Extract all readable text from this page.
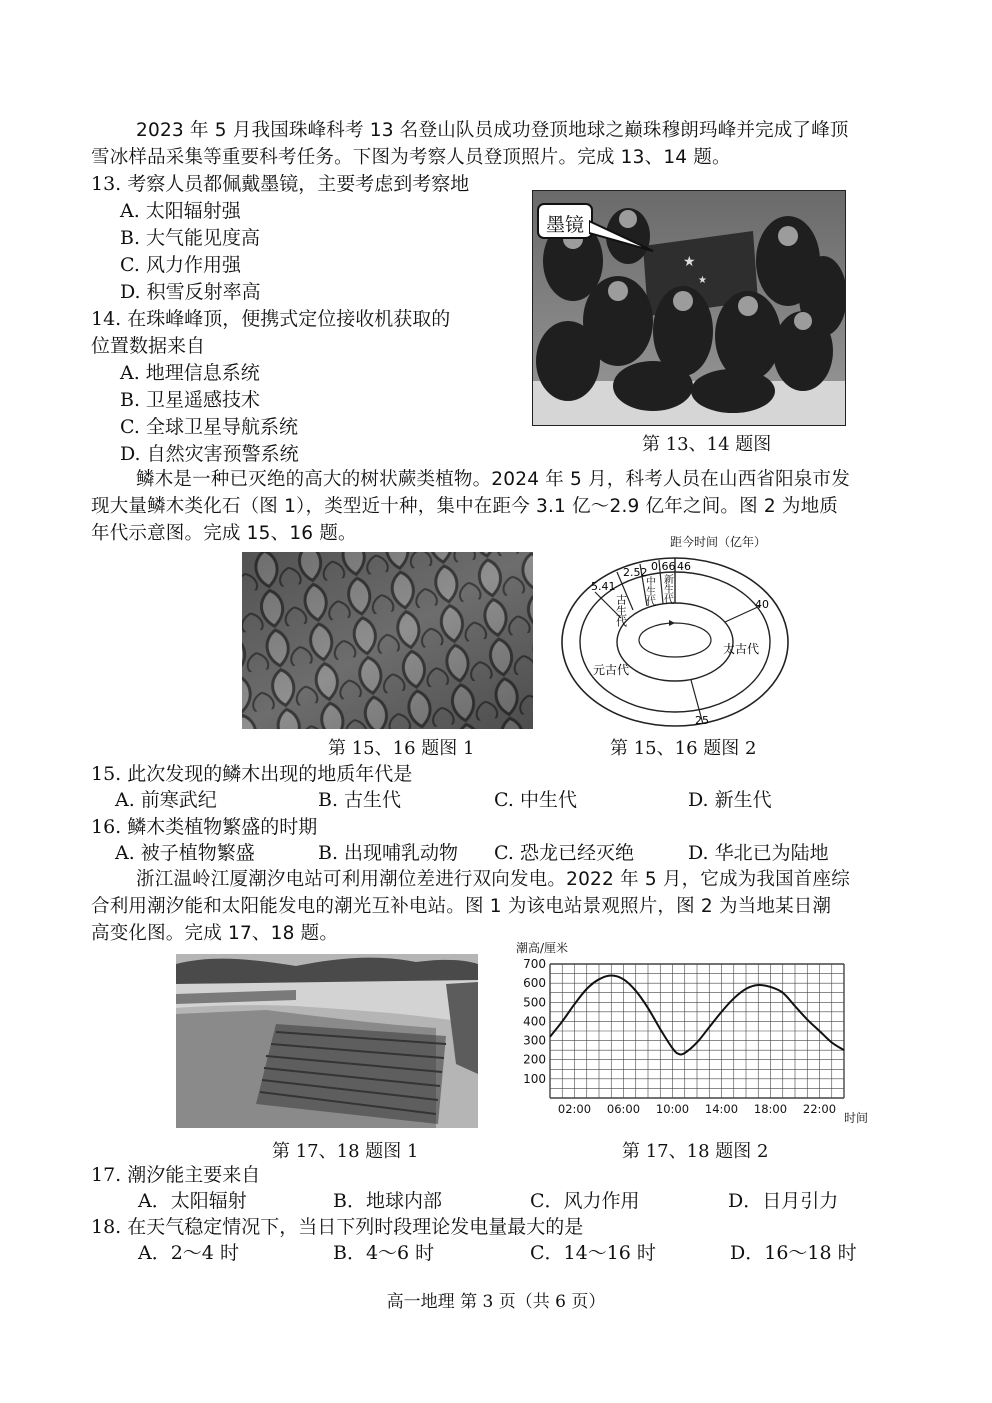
2023 年 5 月我国珠峰科考 13 名登山队员成功登顶地球之巅珠穆朗玛峰并完成了峰顶
雪冰样品采集等重要科考任务。下图为考察人员登顶照片。完成 13、14 题。
13. 考察人员都佩戴墨镜，主要考虑到考察地
A. 太阳辐射强
B. 大气能见度高
C. 风力作用强
D. 积雪反射率高
14. 在珠峰峰顶，便携式定位接收机获取的
位置数据来自
A. 地理信息系统
B. 卫星遥感技术
C. 全球卫星导航系统
D. 自然灾害预警系统
★
★
墨镜
第 13、14 题图
鳞木是一种已灭绝的高大的树状蕨类植物。2024 年 5 月，科考人员在山西省阳泉市发
现大量鳞木类化石（图 1），类型近十种，集中在距今 3.1 亿～2.9 亿年之间。图 2 为地质
年代示意图。完成 15、16 题。
第 15、16 题图 1
距今时间（亿年）
46
0.66
2.52
5.41
40
25
古生代
中生代 新生代
太古代
元古代
第 15、16 题图 2
15. 此次发现的鳞木出现的地质年代是
A. 前寒武纪	B. 古生代	C. 中生代	D. 新生代
16. 鳞木类植物繁盛的时期
A. 被子植物繁盛	B. 出现哺乳动物 C. 恐龙已经灭绝	D. 华北已为陆地
浙江温岭江厦潮汐电站可利用潮位差进行双向发电。2022 年 5 月，它成为我国首座综
合利用潮汐能和太阳能发电的潮光互补电站。图 1 为该电站景观照片，图 2 为当地某日潮
高变化图。完成 17、18 题。
第 17、18 题图 1
潮高/厘米
时间
100
200
300
400
500
600
700
02:00 06:00 10:00 14:00 18:00 22:00
第 17、18 题图 2
17. 潮汐能主要来自
A．太阳辐射	B．地球内部	C．风力作用	D．日月引力
18. 在天气稳定情况下，当日下列时段理论发电量最大的是
A．2～4 时	B．4～6 时	C．14～16 时	D．16～18 时
高一地理 第 3 页（共 6 页）
